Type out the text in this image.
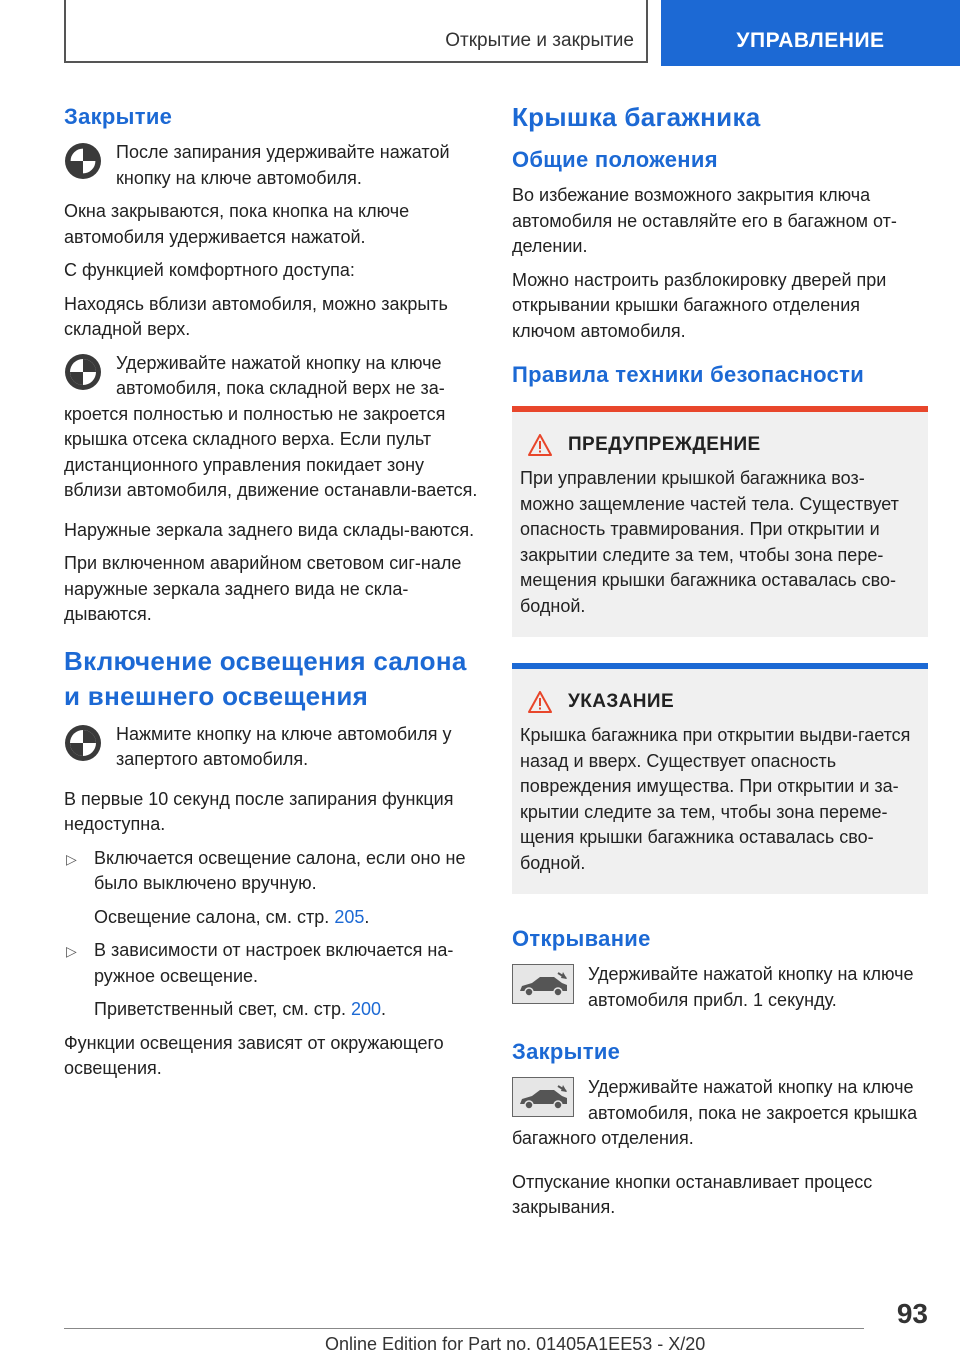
Открытие и закрытие	УПРАВЛЕНИЕ
Закрытие
После запирания удерживайте нажатой кнопку на ключе автомобиля.

Окна закрываются, пока кнопка на ключе автомобиля удерживается нажатой.

С функцией комфортного доступа:

Находясь вблизи автомобиля, можно закрыть складной верх.

Удерживайте нажатой кнопку на ключе автомобиля, пока складной верх не за-кроется полностью и полностью не закроется крышка отсека складного верха. Если пульт дистанционного управления покидает зону вблизи автомобиля, движение останавли-вается.

Наружные зеркала заднего вида склады-ваются.

При включенном аварийном световом сиг-нале наружные зеркала заднего вида не скла-дываются.

Включение освещения салона и внешнего освещения
Нажмите кнопку на ключе автомобиля у запертого автомобиля.

В первые 10 секунд после запирания функция недоступна.

▷ Включается освещение салона, если оно не было выключено вручную.

Освещение салона, см. стр. 205.

▷ В зависимости от настроек включается на-ружное освещение.

Приветственный свет, см. стр. 200.

Функции освещения зависят от окружающего освещения.

Крышка багажника
Общие положения

Во избежание возможного закрытия ключа автомобиля не оставляйте его в багажном от-делении.

Можно настроить разблокировку дверей при открывании крышки багажного отделения ключом автомобиля.

Правила техники безопасности
ПРЕДУПРЕЖДЕНИЕ

При управлении крышкой багажника воз-можно защемление частей тела. Существует опасность травмирования. При открытии и закрытии следите за тем, чтобы зона пере-мещения крышки багажника оставалась сво-бодной.

УКАЗАНИЕ

Крышка багажника при открытии выдви-гается назад и вверх. Существует опасность повреждения имущества. При открытии и за-крытии следите за тем, чтобы зона переме-щения крышки багажника оставалась сво-бодной.

Открывание
Удерживайте нажатой кнопку на ключе автомобиля прибл. 1 секунду.
Закрытие
Удерживайте нажатой кнопку на ключе автомобиля, пока не закроется крышка багажного отделения.

Отпускание кнопки останавливает процесс закрывания.

93
Online Edition for Part no. 01405A1EE53 - X/20
